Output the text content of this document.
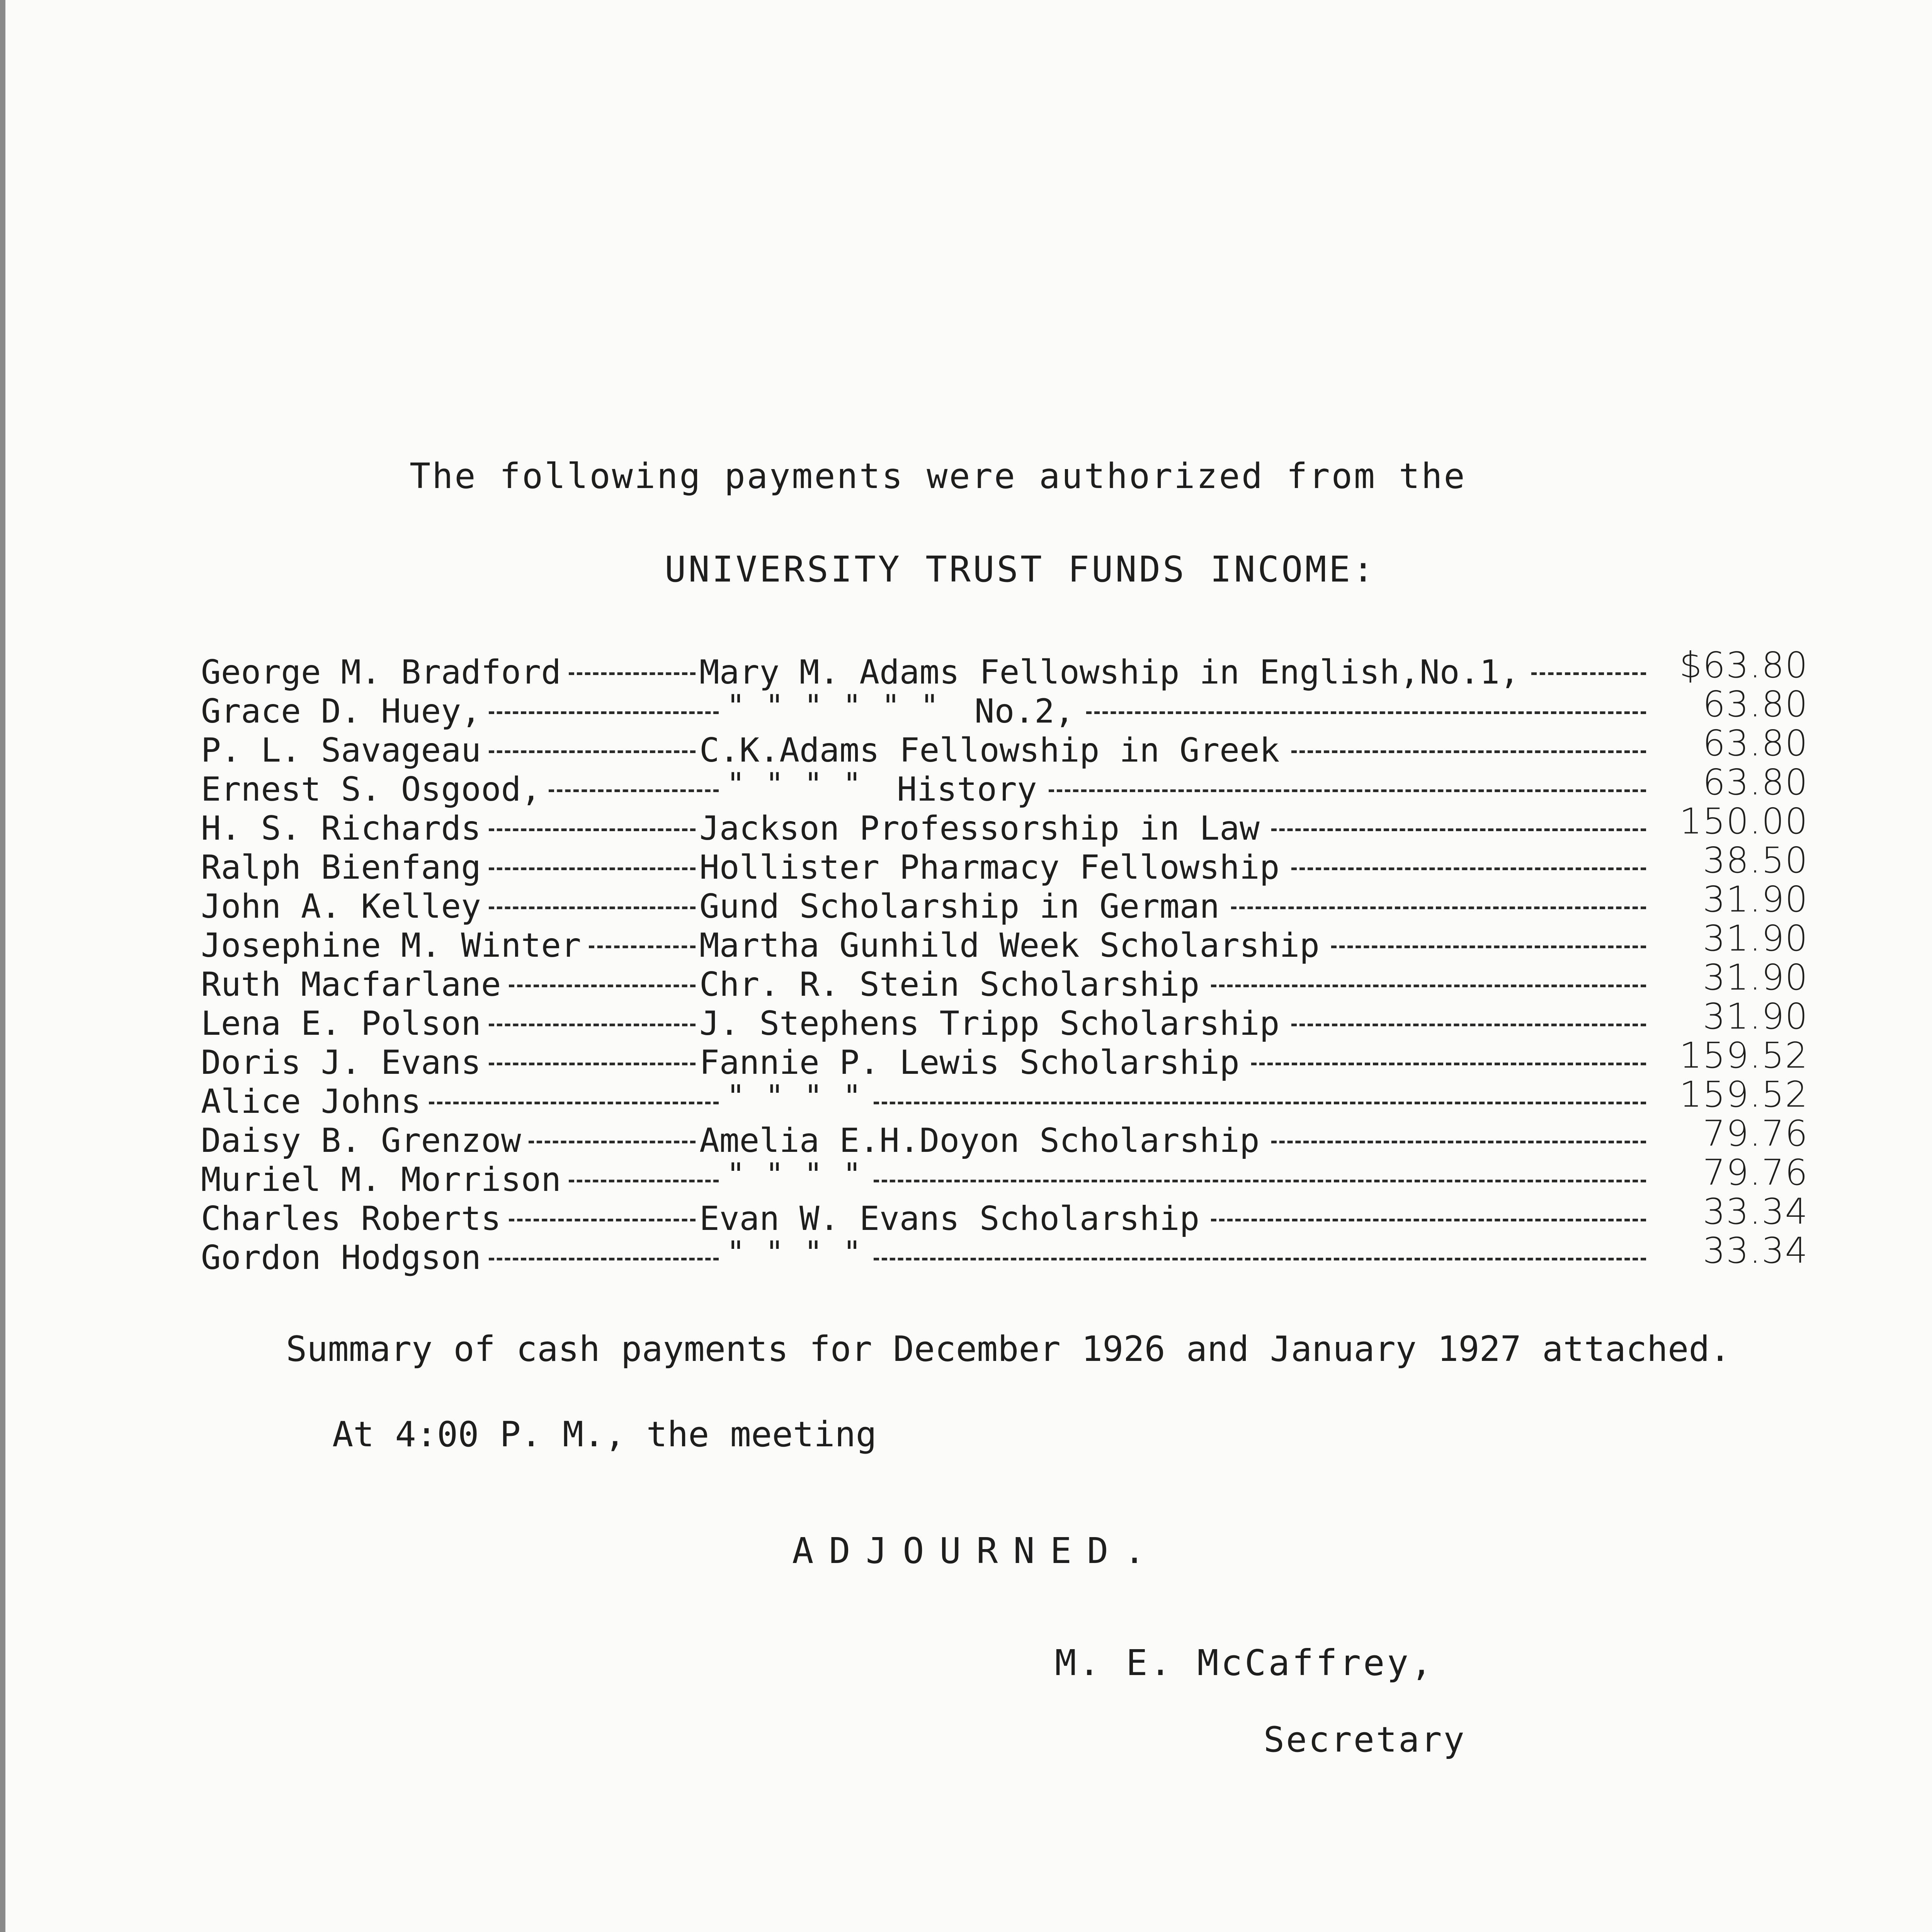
The following payments were authorized from the
UNIVERSITY TRUST FUNDS INCOME:
George M. Bradford	Mary M. Adams Fellowship in English,No.1,	$63.80
Grace D. Huey,	" " " " " " No.2,	63.80
P. L. Savageau	C.K.Adams Fellowship in Greek	63.80
Ernest S. Osgood,	" " " " History	63.80
H. S. Richards	Jackson Professorship in Law	150.00
Ralph Bienfang	Hollister Pharmacy Fellowship	38.50
John A. Kelley	Gund Scholarship in German	31.90
Josephine M. Winter	Martha Gunhild Week Scholarship	31.90
Ruth Macfarlane	Chr. R. Stein Scholarship	31.90
Lena E. Polson	J. Stephens Tripp Scholarship	31.90
Doris J. Evans	Fannie P. Lewis Scholarship	159.52
Alice Johns	" " " "	159.52
Daisy B. Grenzow	Amelia E.H.Doyon Scholarship	79.76
Muriel M. Morrison	" " " "	79.76
Charles Roberts	Evan W. Evans Scholarship	33.34
Gordon Hodgson	" " " "	33.34
Summary of cash payments for December 1926 and January 1927 attached.
At 4:00 P. M., the meeting
ADJOURNED.
M. E. McCaffrey,
Secretary
